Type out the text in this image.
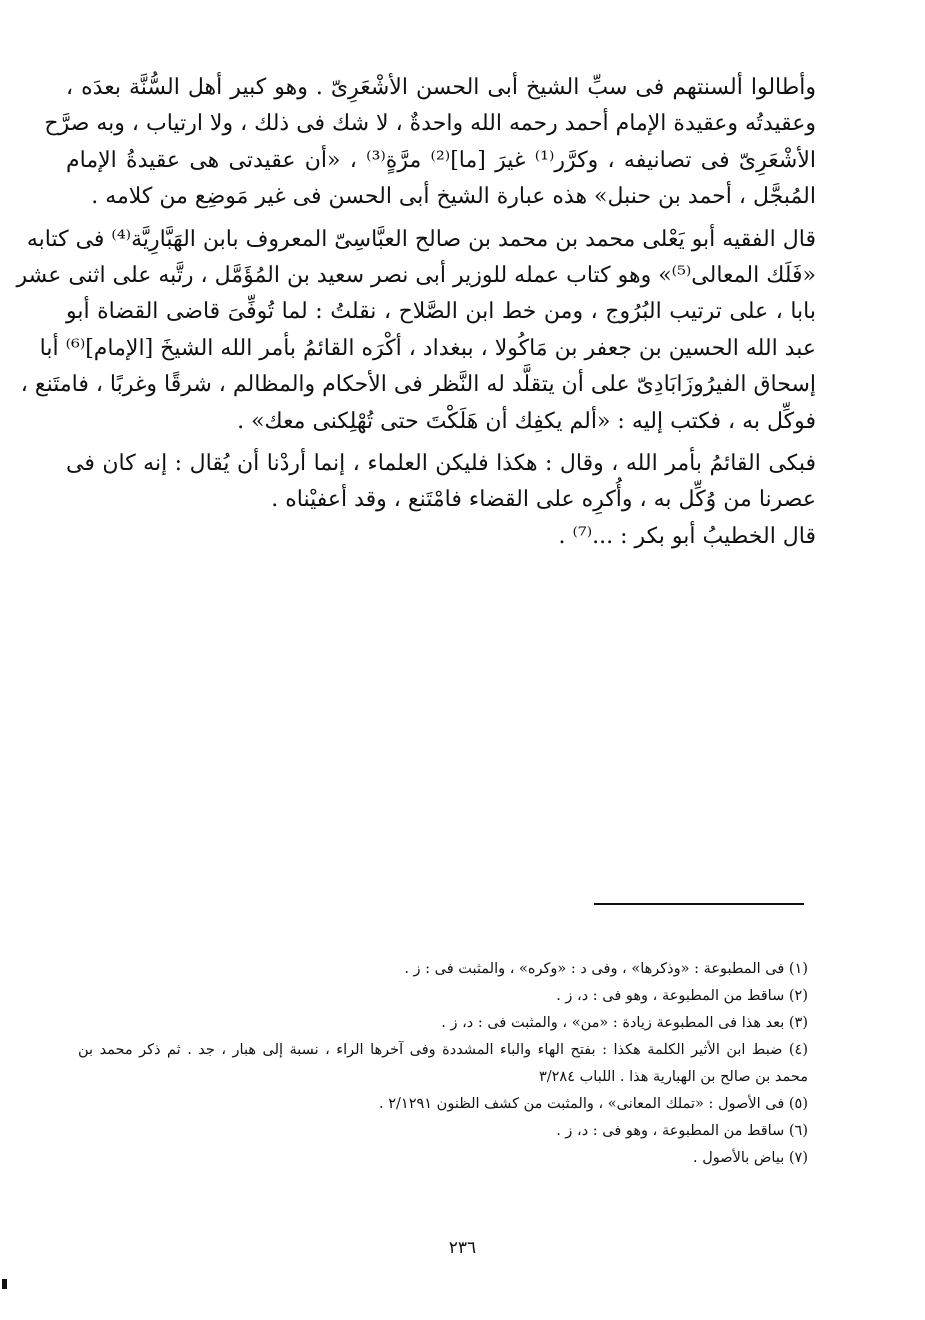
وأطالوا ألسنتهم فى سبِّ الشيخ أبى الحسن الأشْعَرِىّ . وهو كبير أهل السُّنَّة بعدَه ،
وعقيدتُه وعقيدة الإمام أحمد رحمه الله واحدةٌ ، لا شك فى ذلك ، ولا ارتياب ، وبه صرَّح
الأشْعَرِىّ فى تصانيفه ، وكرَّر⁽¹⁾ غيرَ [ما]⁽²⁾ مرَّةٍ⁽³⁾ ، «أن عقيدتى هى عقيدةُ الإمام
المُبجَّل ، أحمد بن حنبل» هذه عبارة الشيخ أبى الحسن فى غير مَوضِع من كلامه .
قال الفقيه أبو يَعْلى محمد بن محمد بن صالح العبَّاسِىّ المعروف بابن الهَبَّارِيَّة⁽⁴⁾ فى كتابه
«فَلَك المعالى⁽⁵⁾» وهو كتاب عمله للوزير أبى نصر سعيد بن المُؤَمَّل ، رتَّبه على اثنى عشر
بابا ، على ترتيب البُرُوج ، ومن خط ابن الصَّلاح ، نقلتُ : لما تُوفِّىَ قاضى القضاة أبو
عبد الله الحسين بن جعفر بن مَاكُولا ، ببغداد ، أكْرَه القائمُ بأمر الله الشيخَ [الإمام]⁽⁶⁾ أبا
إسحاق الفيرُوزَابَادِىّ على أن يتقلَّد له النَّظر فى الأحكام والمظالم ، شرقًا وغربًا ، فامتَنع ،
فوكِّل به ، فكتب إليه : «ألم يكفِك أن هَلَكْتَ حتى تُهْلِكنى معك» .
فبكى القائمُ بأمر الله ، وقال : هكذا فليكن العلماء ، إنما أردْنا أن يُقال : إنه كان فى
عصرنا من وُكِّل به ، وأُكرِه على القضاء فامْتَنع ، وقد أعفيْناه .
قال الخطيبُ أبو بكر : ...⁽⁷⁾ .
(١) فى المطبوعة : «وذكرها» ، وفى د : «وكره» ، والمثبت فى : ز .
(٢) ساقط من المطبوعة ، وهو فى : د، ز .
(٣) بعد هذا فى المطبوعة زيادة : «من» ، والمثبت فى : د، ز .
(٤) ضبط ابن الأثير الكلمة هكذا : بفتح الهاء والباء المشددة وفى آخرها الراء ، نسبة إلى هبار ، جد . ثم ذكر محمد بن
محمد بن صالح بن الهبارية هذا . اللباب ٣/٢٨٤
(٥) فى الأصول : «تملك المعانى» ، والمثبت من كشف الظنون ٢/١٢٩١ .
(٦) ساقط من المطبوعة ، وهو فى : د، ز .
(٧) بياض بالأصول .
٢٣٦
